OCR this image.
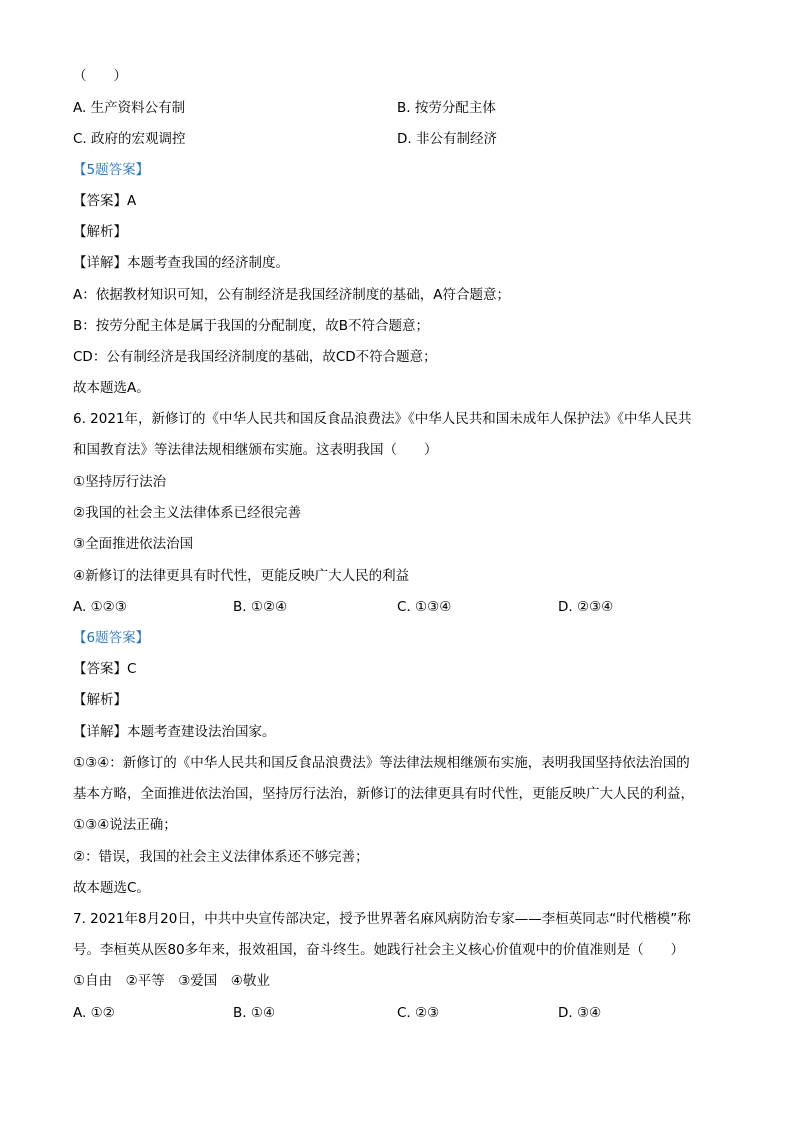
（　　）
A. 生产资料公有制	B. 按劳分配主体
C. 政府的宏观调控	D. 非公有制经济
【5题答案】
【答案】A
【解析】
【详解】本题考查我国的经济制度。
A：依据教材知识可知，公有制经济是我国经济制度的基础，A符合题意；
B：按劳分配主体是属于我国的分配制度，故B不符合题意；
CD：公有制经济是我国经济制度的基础，故CD不符合题意；
故本题选A。
6. 2021年，新修订的《中华人民共和国反食品浪费法》《中华人民共和国未成年人保护法》《中华人民共
和国教育法》等法律法规相继颁布实施。这表明我国（　　）
①坚持厉行法治
②我国的社会主义法律体系已经很完善
③全面推进依法治国
④新修订的法律更具有时代性，更能反映广大人民的利益
A. ①②③	B. ①②④	C. ①③④	D. ②③④
【6题答案】
【答案】C
【解析】
【详解】本题考查建设法治国家。
①③④：新修订的《中华人民共和国反食品浪费法》等法律法规相继颁布实施，表明我国坚持依法治国的
基本方略，全面推进依法治国，坚持厉行法治，新修订的法律更具有时代性，更能反映广大人民的利益，
①③④说法正确；
②：错误，我国的社会主义法律体系还不够完善；
故本题选C。
7. 2021年8月20日，中共中央宣传部决定，授予世界著名麻风病防治专家——李桓英同志“时代楷模”称
号。李桓英从医80多年来，报效祖国，奋斗终生。她践行社会主义核心价值观中的价值准则是（　　）
①自由　②平等　③爱国　④敬业
A. ①②	B. ①④	C. ②③	D. ③④
